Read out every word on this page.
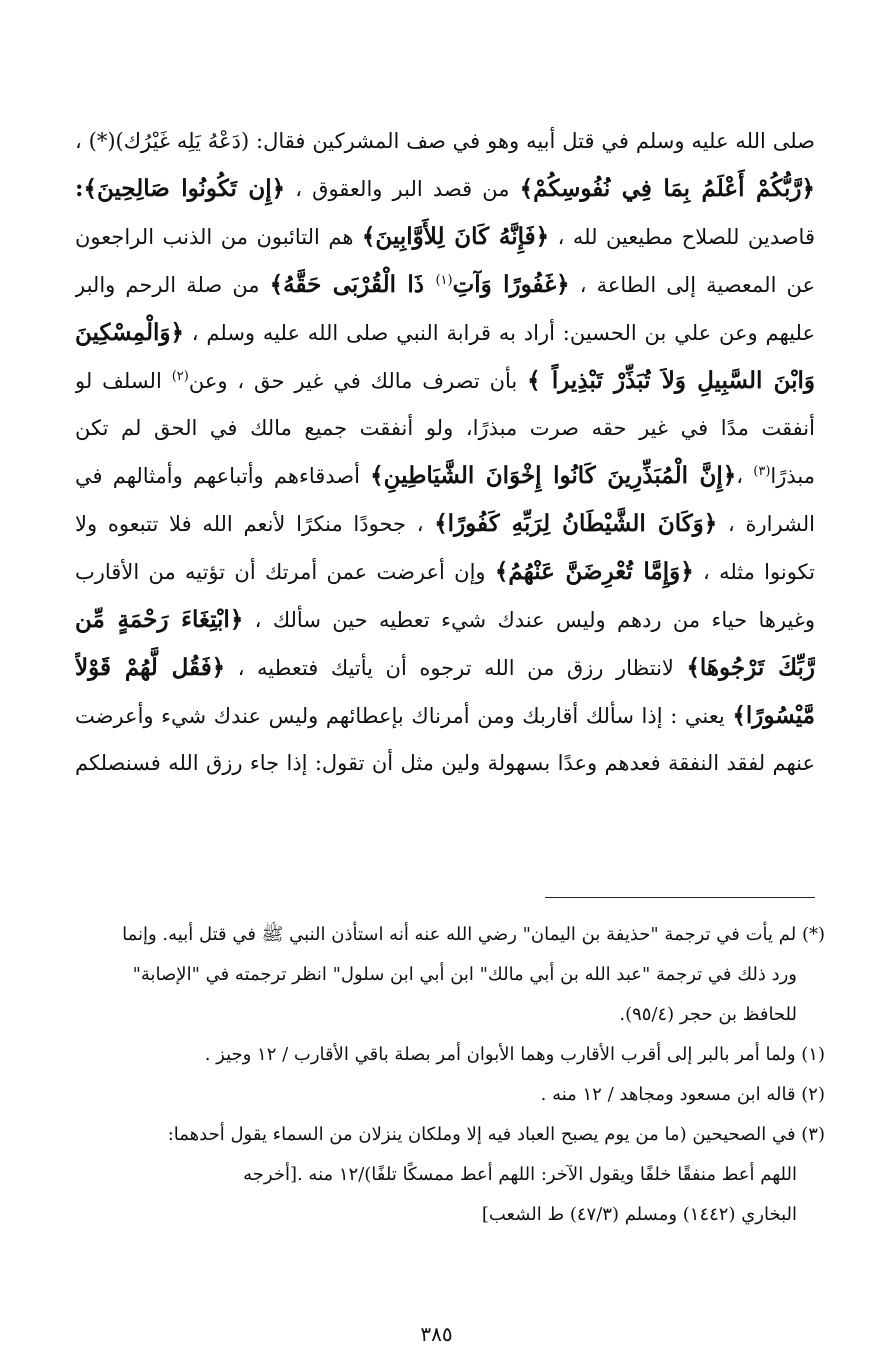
صلى الله عليه وسلم في قتل أبيه وهو في صف المشركين فقال: (دَعْهُ يَلِه غَيْرُك)(*) ،
﴿رَّبُّكُمْ أَعْلَمُ بِمَا فِي نُفُوسِكُمْ﴾ من قصد البر والعقوق ، ﴿إِن تَكُونُوا صَالِحِينَ﴾:
قاصدين للصلاح مطيعين لله ، ﴿فَإِنَّهُ كَانَ لِلأَوَّابِينَ﴾ هم التائبون من الذنب الراجعون
عن المعصية إلى الطاعة ، ﴿غَفُورًا وَآتِ$^{(١)}$ ذَا الْقُرْبَى حَقَّهُ﴾ من صلة الرحم والبر
عليهم وعن علي بن الحسين: أراد به قرابة النبي صلى الله عليه وسلم ، ﴿وَالْمِسْكِينَ
وَابْنَ السَّبِيلِ وَلاَ تُبَذِّرْ تَبْذِيراً ﴾ بأن تصرف مالك في غير حق ، وعن$^{(٢)}$ السلف لو
أنفقت مدًا في غير حقه صرت مبذرًا، ولو أنفقت جميع مالك في الحق لم تكن
مبذرًا$^{(٣)}$ ،﴿إِنَّ الْمُبَذِّرِينَ كَانُوا إِخْوَانَ الشَّيَاطِينِ﴾ أصدقاءهم وأتباعهم وأمثالهم في
الشرارة ، ﴿وَكَانَ الشَّيْطَانُ لِرَبِّهِ كَفُورًا﴾ ، جحودًا منكرًا لأنعم الله فلا تتبعوه ولا
تكونوا مثله ، ﴿وَإِمَّا تُعْرِضَنَّ عَنْهُمُ﴾ وإن أعرضت عمن أمرتك أن تؤتيه من الأقارب
وغيرها حياء من ردهم وليس عندك شيء تعطيه حين سألك ، ﴿ابْتِغَاءَ رَحْمَةٍ مِّن
رَّبِّكَ تَرْجُوهَا﴾ لانتظار رزق من الله ترجوه أن يأتيك فتعطيه ، ﴿فَقُل لَّهُمْ قَوْلاً
مَّيْسُورًا﴾ يعني : إذا سألك أقاربك ومن أمرناك بإعطائهم وليس عندك شيء وأعرضت
عنهم لفقد النفقة فعدهم وعدًا بسهولة ولين مثل أن تقول: إذا جاء رزق الله فسنصلكم
(*) لم يأت في ترجمة "حذيفة بن اليمان" رضي الله عنه أنه استأذن النبي ﷺ في قتل أبيه. وإنما
ورد ذلك في ترجمة "عبد الله بن أبي مالك" ابن أبي ابن سلول" انظر ترجمته في "الإصابة"
للحافظ بن حجر (٩٥/٤).
(١) ولما أمر بالبر إلى أقرب الأقارب وهما الأبوان أمر بصلة باقي الأقارب / ١٢ وجيز .
(٢) قاله ابن مسعود ومجاهد / ١٢ منه .
(٣) في الصحيحين (ما من يوم يصبح العباد فيه إلا وملكان ينزلان من السماء يقول أحدهما:
اللهم أعط منفقًا خلفًا ويقول الآخر: اللهم أعط ممسكًا تلفًا)/١٢ منه .[أخرجه
البخاري (١٤٤٢) ومسلم (٤٧/٣) ط الشعب]
٣٨٥
